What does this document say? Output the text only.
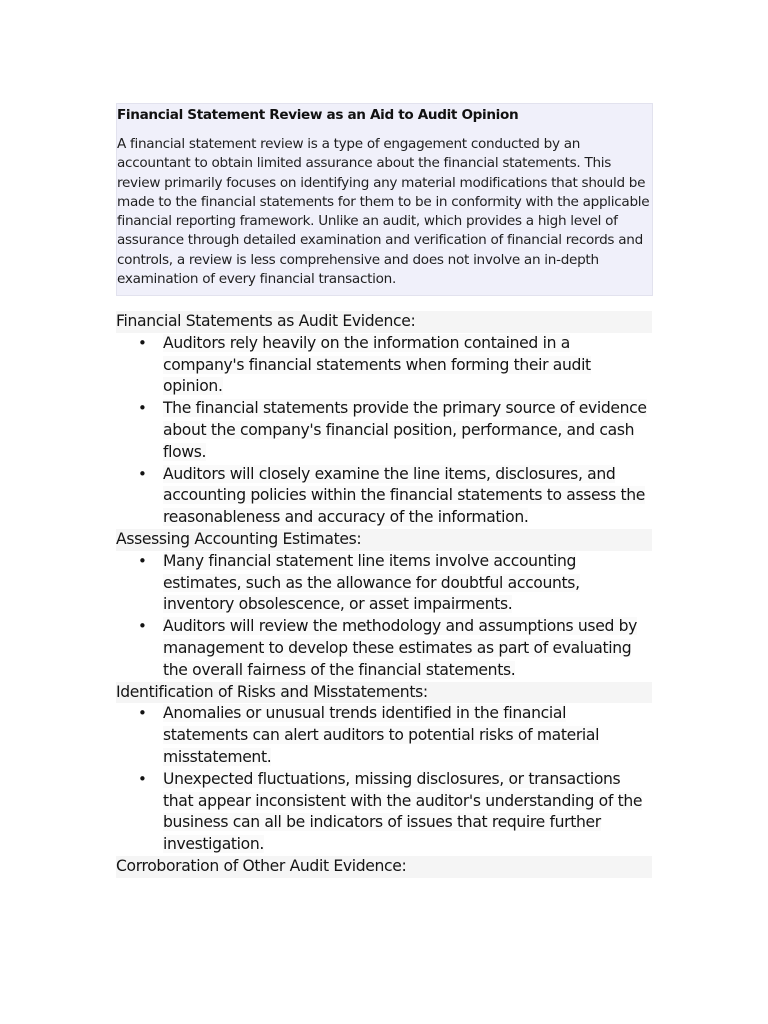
Financial Statement Review as an Aid to Audit Opinion

A financial statement review is a type of engagement conducted by an accountant to obtain limited assurance about the financial statements. This review primarily focuses on identifying any material modifications that should be made to the financial statements for them to be in conformity with the applicable financial reporting framework. Unlike an audit, which provides a high level of assurance through detailed examination and verification of financial records and controls, a review is less comprehensive and does not involve an in-depth examination of every financial transaction.

Financial Statements as Audit Evidence:

• Auditors rely heavily on the information contained in a company's financial statements when forming their audit opinion.
• The financial statements provide the primary source of evidence about the company's financial position, performance, and cash flows.
• Auditors will closely examine the line items, disclosures, and accounting policies within the financial statements to assess the reasonableness and accuracy of the information.

Assessing Accounting Estimates:

• Many financial statement line items involve accounting estimates, such as the allowance for doubtful accounts, inventory obsolescence, or asset impairments.
• Auditors will review the methodology and assumptions used by management to develop these estimates as part of evaluating the overall fairness of the financial statements.

Identification of Risks and Misstatements:

• Anomalies or unusual trends identified in the financial statements can alert auditors to potential risks of material misstatement.
• Unexpected fluctuations, missing disclosures, or transactions that appear inconsistent with the auditor's understanding of the business can all be indicators of issues that require further investigation.

Corroboration of Other Audit Evidence:
